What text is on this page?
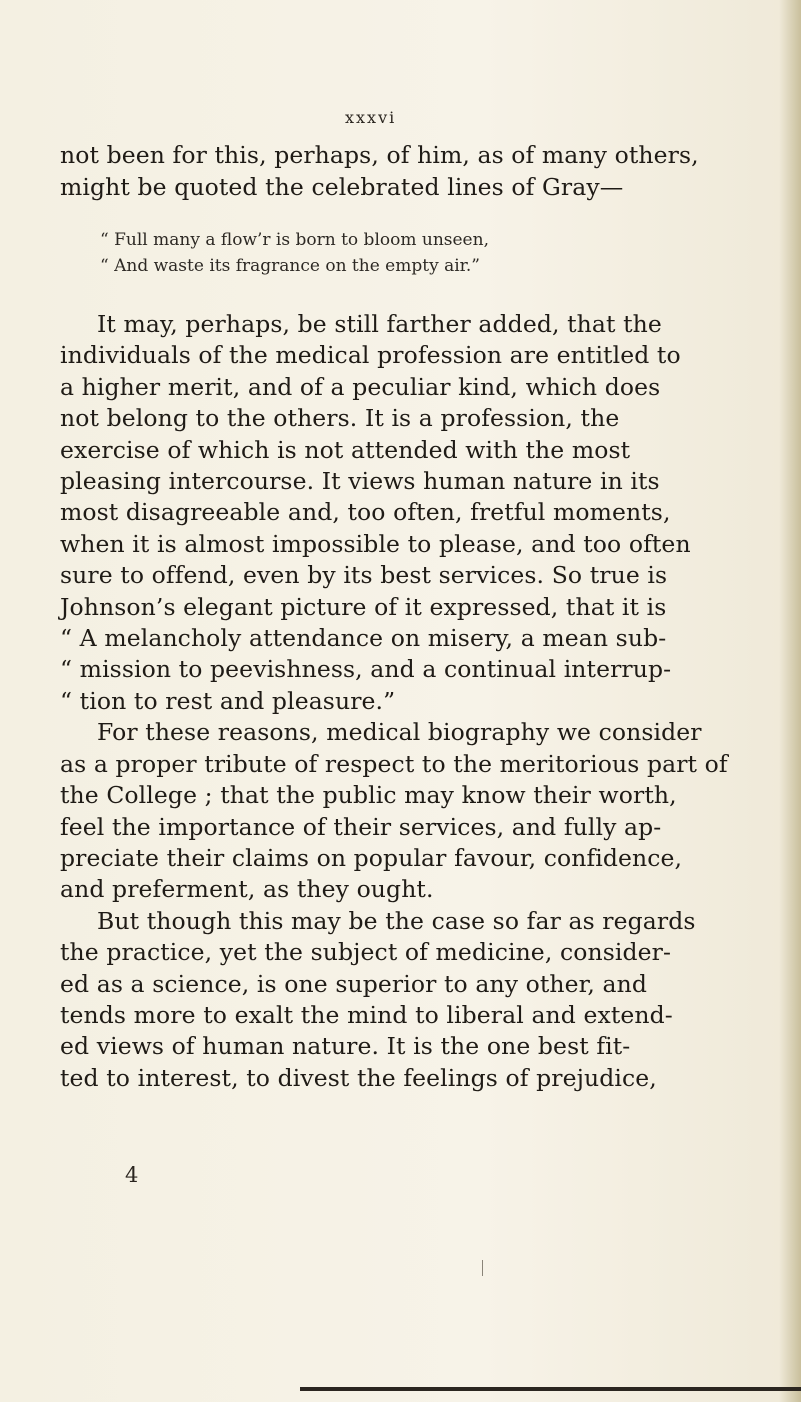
xxxvi
not been for this, perhaps, of him, as of many others,
might be quoted the celebrated lines of Gray—
“ Full many a flow’r is born to bloom unseen,
“ And waste its fragrance on the empty air.”
It may, perhaps, be still farther added, that the
individuals of the medical profession are entitled to
a higher merit, and of a peculiar kind, which does
not belong to the others. It is a profession, the
exercise of which is not attended with the most
pleasing intercourse. It views human nature in its
most disagreeable and, too often, fretful moments,
when it is almost impossible to please, and too often
sure to offend, even by its best services. So true is
Johnson’s elegant picture of it expressed, that it is
“ A melancholy attendance on misery, a mean sub-
“ mission to peevishness, and a continual interrup-
“ tion to rest and pleasure.”
For these reasons, medical biography we consider
as a proper tribute of respect to the meritorious part of
the College ; that the public may know their worth,
feel the importance of their services, and fully ap-
preciate their claims on popular favour, confidence,
and preferment, as they ought.
But though this may be the case so far as regards
the practice, yet the subject of medicine, consider-
ed as a science, is one superior to any other, and
tends more to exalt the mind to liberal and extend-
ed views of human nature. It is the one best fit-
ted to interest, to divest the feelings of prejudice,
4
